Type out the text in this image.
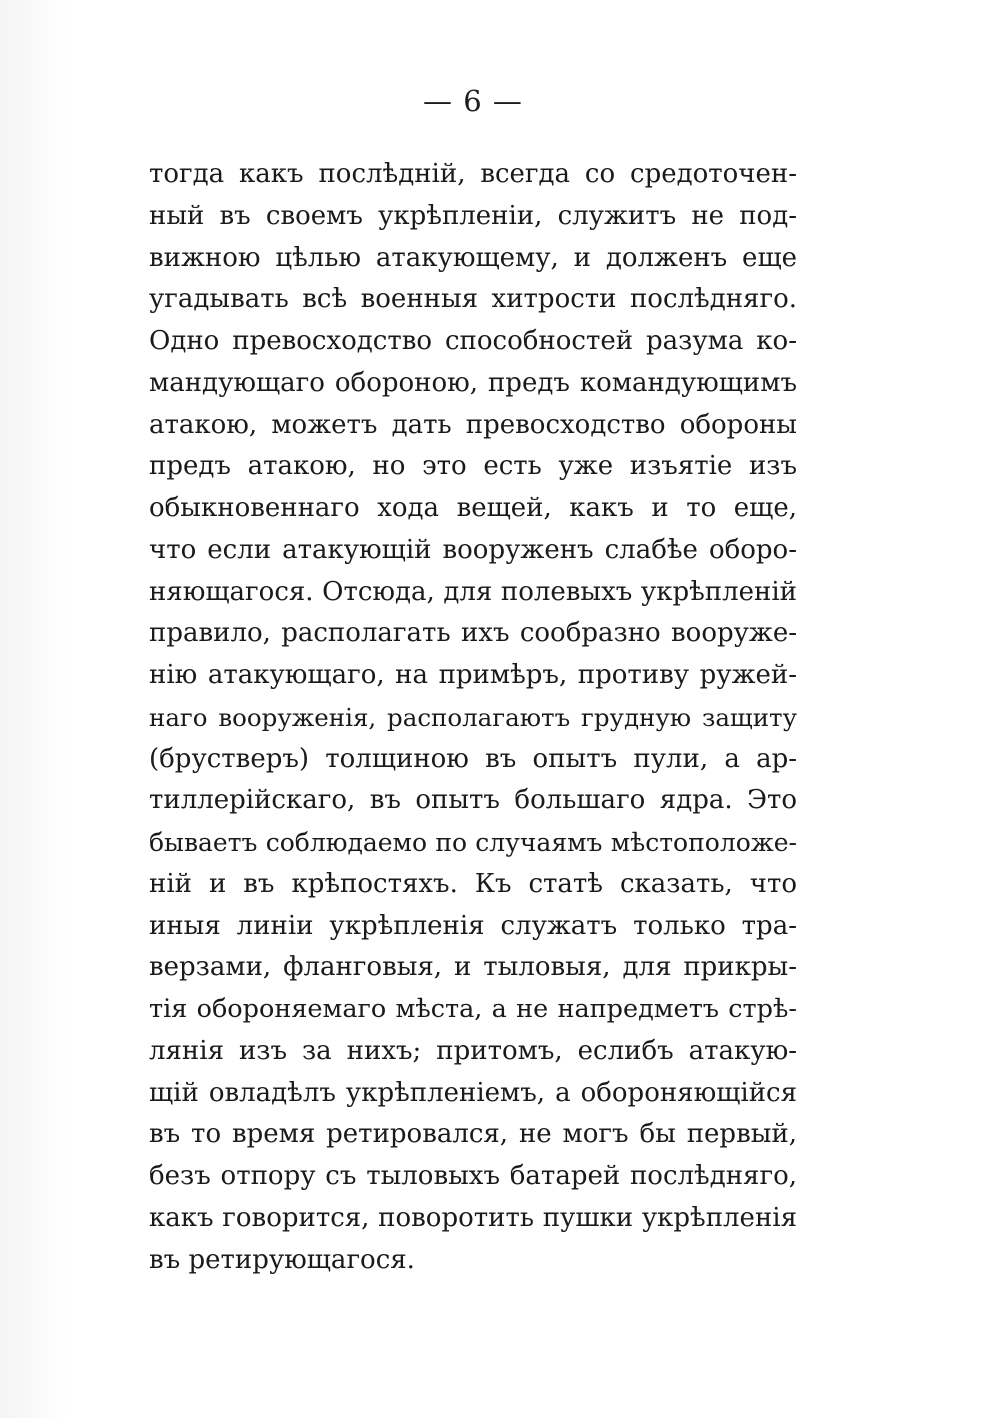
— 6 —
тогда какъ послѣдній, всегда со средоточен-
ный въ своемъ укрѣпленіи, служитъ не под-
вижною цѣлью атакующему, и долженъ еще
угадывать всѣ военныя хитрости послѣдняго.
Одно превосходство способностей разума ко-
мандующаго обороною, предъ командующимъ
атакою, можетъ дать превосходство обороны
предъ атакою, но это есть уже изъятіе изъ
обыкновеннаго хода вещей, какъ и то еще,
что если атакующій вооруженъ слабѣе оборо-
няющагося. Отсюда, для полевыхъ укрѣпленій
правило, располагать ихъ сообразно вооруже-
нію атакующаго, на примѣръ, противу ружей-
наго вооруженія, располагаютъ грудную защиту
(брустверъ) толщиною въ опытъ пули, а ар-
тиллерійскаго, въ опытъ большаго ядра. Это
бываетъ соблюдаемо по случаямъ мѣстоположе-
ній и въ крѣпостяхъ. Къ статѣ сказать, что
иныя линіи укрѣпленія служатъ только тра-
верзами, фланговыя, и тыловыя, для прикры-
тія обороняемаго мѣста, а не напредметъ стрѣ-
лянія изъ за нихъ; притомъ, еслибъ атакую-
щій овладѣлъ укрѣпленіемъ, а обороняющійся
въ то время ретировался, не могъ бы первый,
безъ отпору съ тыловыхъ батарей послѣдняго,
какъ говорится, поворотить пушки укрѣпленія
въ ретирующагося.
